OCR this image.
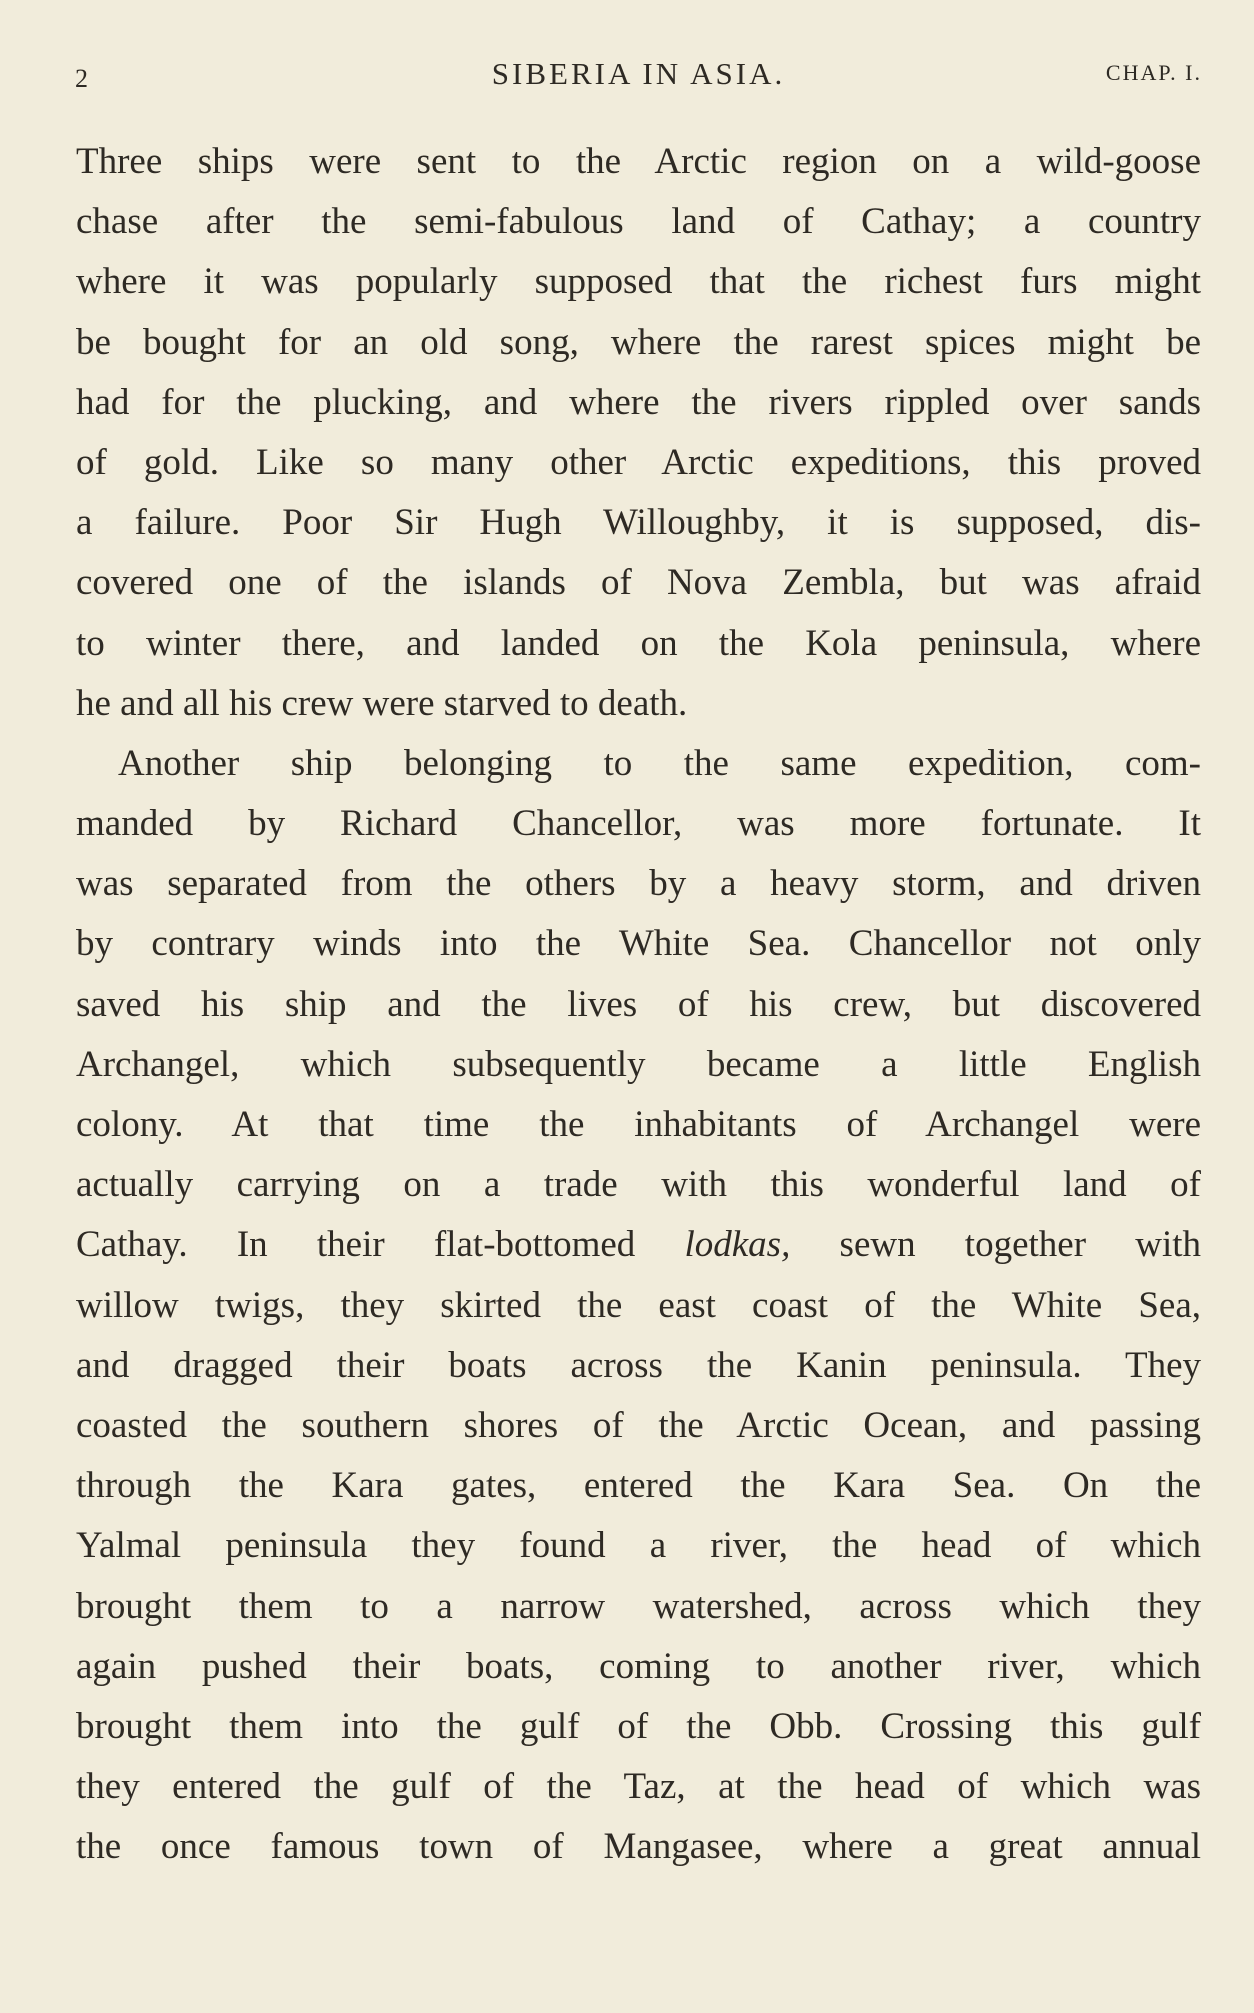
2	SIBERIA IN ASIA.	CHAP. I.
Three ships were sent to the Arctic region on a wild-goose
chase after the semi-fabulous land of Cathay; a country
where it was popularly supposed that the richest furs might
be bought for an old song, where the rarest spices might be
had for the plucking, and where the rivers rippled over sands
of gold. Like so many other Arctic expeditions, this proved
a failure. Poor Sir Hugh Willoughby, it is supposed, dis-
covered one of the islands of Nova Zembla, but was afraid
to winter there, and landed on the Kola peninsula, where
he and all his crew were starved to death.
Another ship belonging to the same expedition, com-
manded by Richard Chancellor, was more fortunate. It
was separated from the others by a heavy storm, and driven
by contrary winds into the White Sea. Chancellor not only
saved his ship and the lives of his crew, but discovered
Archangel, which subsequently became a little English
colony. At that time the inhabitants of Archangel were
actually carrying on a trade with this wonderful land of
Cathay. In their flat-bottomed lodkas, sewn together with
willow twigs, they skirted the east coast of the White Sea,
and dragged their boats across the Kanin peninsula. They
coasted the southern shores of the Arctic Ocean, and passing
through the Kara gates, entered the Kara Sea. On the
Yalmal peninsula they found a river, the head of which
brought them to a narrow watershed, across which they
again pushed their boats, coming to another river, which
brought them into the gulf of the Obb. Crossing this gulf
they entered the gulf of the Taz, at the head of which was
the once famous town of Mangasee, where a great annual
